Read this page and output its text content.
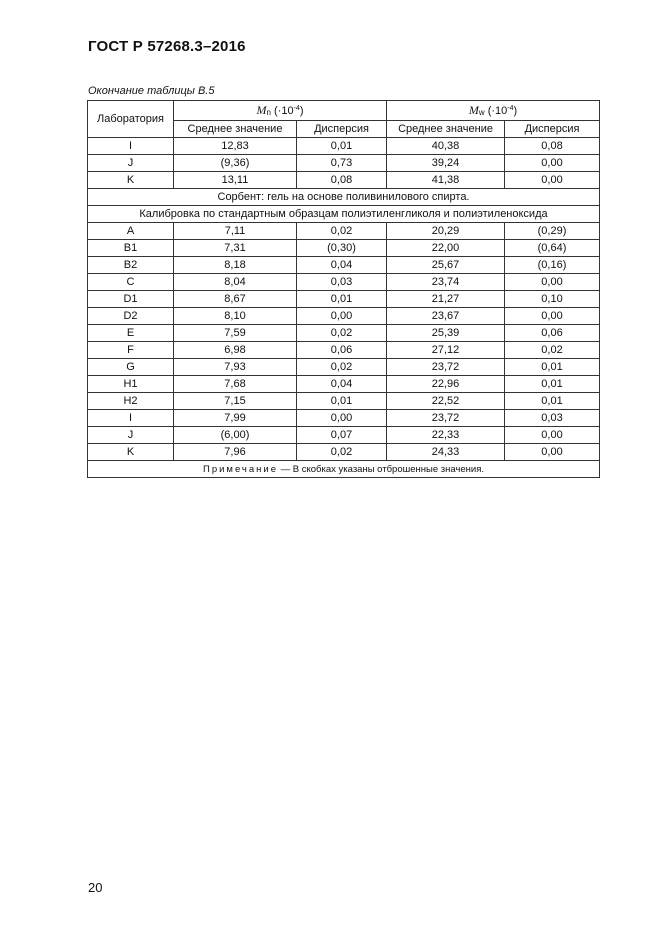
ГОСТ Р 57268.3–2016
Окончание таблицы В.5
Лаборатория	Mn $(\cdot 10^{-4})$		Mw $(\cdot 10^{-4})$	
	Среднее значение	Дисперсия	Среднее значение	Дисперсия
I	12,83	0,01	40,38	0,08
J	(9,36)	0,73	39,24	0,00
K	13,11	0,08	41,38	0,00
Сорбент: гель на основе поливинилового спирта.				
Калибровка по стандартным образцам полиэтиленгликоля и полиэтиленоксида				
A	7,11	0,02	20,29	(0,29)
B1	7,31	(0,30)	22,00	(0,64)
B2	8,18	0,04	25,67	(0,16)
C	8,04	0,03	23,74	0,00
D1	8,67	0,01	21,27	0,10
D2	8,10	0,00	23,67	0,00
E	7,59	0,02	25,39	0,06
F	6,98	0,06	27,12	0,02
G	7,93	0,02	23,72	0,01
H1	7,68	0,04	22,96	0,01
H2	7,15	0,01	22,52	0,01
I	7,99	0,00	23,72	0,03
J	(6,00)	0,07	22,33	0,00
K	7,96	0,02	24,33	0,00
Примечание — В скобках указаны отброшенные значения.				
20
